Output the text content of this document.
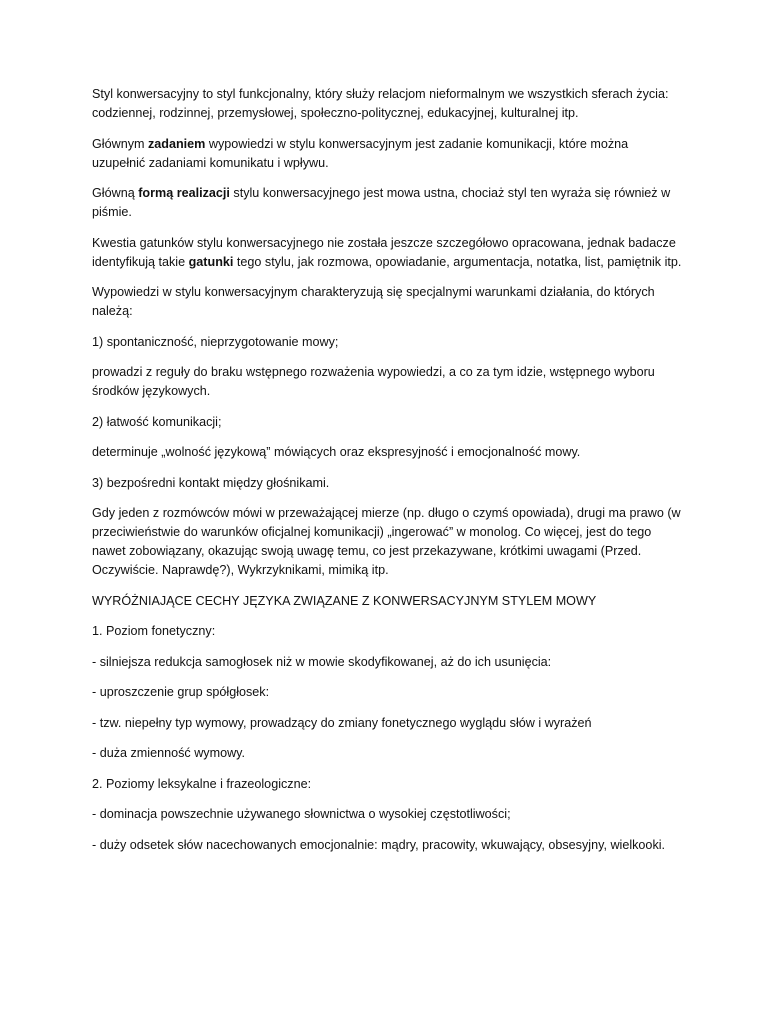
Styl konwersacyjny to styl funkcjonalny, który służy relacjom nieformalnym we wszystkich sferach życia: codziennej, rodzinnej, przemysłowej, społeczno-politycznej, edukacyjnej, kulturalnej itp.

Głównym zadaniem wypowiedzi w stylu konwersacyjnym jest zadanie komunikacji, które można uzupełnić zadaniami komunikatu i wpływu.

Główną formą realizacji stylu konwersacyjnego jest mowa ustna, chociaż styl ten wyraża się również w piśmie.

Kwestia gatunków stylu konwersacyjnego nie została jeszcze szczegółowo opracowana, jednak badacze identyfikują takie gatunki tego stylu, jak rozmowa, opowiadanie, argumentacja, notatka, list, pamiętnik itp.

Wypowiedzi w stylu konwersacyjnym charakteryzują się specjalnymi warunkami działania, do których należą:

1) spontaniczność, nieprzygotowanie mowy;

prowadzi z reguły do braku wstępnego rozważenia wypowiedzi, a co za tym idzie, wstępnego wyboru środków językowych.

2) łatwość komunikacji;

determinuje „wolność językową” mówiących oraz ekspresyjność i emocjonalność mowy.

3) bezpośredni kontakt między głośnikami.

Gdy jeden z rozmówców mówi w przeważającej mierze (np. długo o czymś opowiada), drugi ma prawo (w przeciwieństwie do warunków oficjalnej komunikacji) „ingerować” w monolog. Co więcej, jest do tego nawet zobowiązany, okazując swoją uwagę temu, co jest przekazywane, krótkimi uwagami (Przed. Oczywiście. Naprawdę?), Wykrzyknikami, mimiką itp.

WYRÓŻNIAJĄCE CECHY JĘZYKA ZWIĄZANE Z KONWERSACYJNYM STYLEM MOWY

1. Poziom fonetyczny:

- silniejsza redukcja samogłosek niż w mowie skodyfikowanej, aż do ich usunięcia:

- uproszczenie grup spółgłosek:

- tzw. niepełny typ wymowy, prowadzący do zmiany fonetycznego wyglądu słów i wyrażeń

- duża zmienność wymowy.

2. Poziomy leksykalne i frazeologiczne:

- dominacja powszechnie używanego słownictwa o wysokiej częstotliwości;

- duży odsetek słów nacechowanych emocjonalnie: mądry, pracowity, wkuwający, obsesyjny, wielkooki.
